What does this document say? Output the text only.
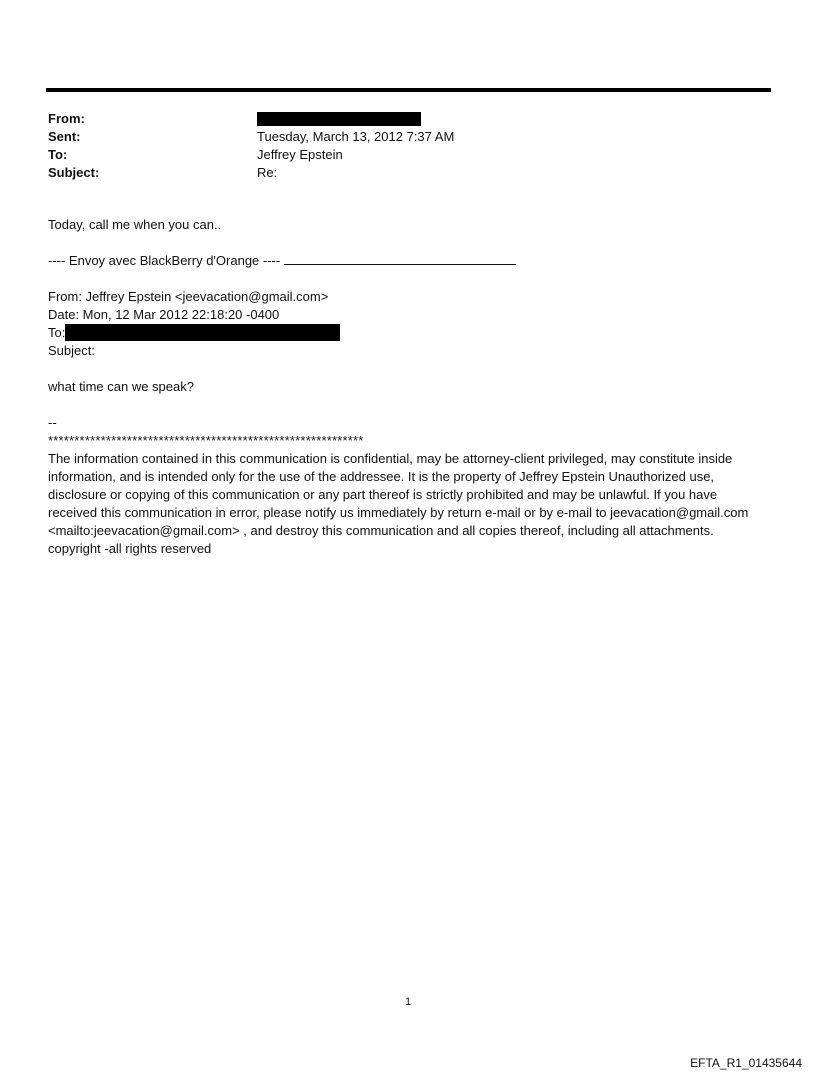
From:
Sent:	Tuesday, March 13, 2012 7:37 AM
To:	Jeffrey Epstein
Subject:	Re:

Today, call me when you can..

---- Envoy avec BlackBerry d'Orange ----

From: Jeffrey Epstein <jeevacation@gmail.com>

Date: Mon, 12 Mar 2012 22:18:20 -0400

To:

Subject:

what time can we speak?

--

************************************************************

The information contained in this communication is confidential, may be attorney-client privileged, may constitute inside information, and is intended only for the use of the addressee. It is the property of Jeffrey Epstein Unauthorized use, disclosure or copying of this communication or any part thereof is strictly prohibited and may be unlawful. If you have received this communication in error, please notify us immediately by return e-mail or by e-mail to jeevacation@gmail.com <mailto:jeevacation@gmail.com> , and destroy this communication and all copies thereof, including all attachments. copyright -all rights reserved

1
EFTA_R1_01435644
